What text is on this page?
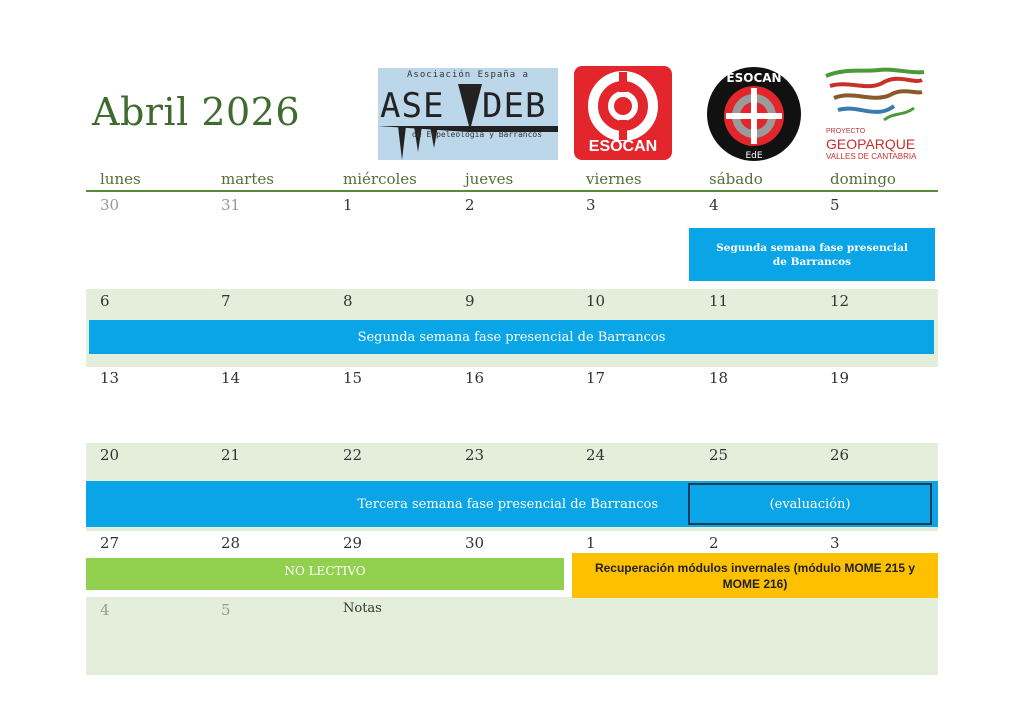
Abril 2026
Asociación España a
ASE DEB
de Espeleología y Barrancos
ESOCAN
ESOCAN
EdE
PROYECTO
GEOPARQUE
VALLES DE CANTABRIA
lunes	martes	miércoles	jueves	viernes	sábado	domingo
30	31	1	2	3	4	5
Segunda semana fase presencial de Barrancos
6	7	8	9	10	11	12
Segunda semana fase presencial de Barrancos
13	14	15	16	17	18	19
20	21	22	23	24	25	26
Tercera semana fase presencial de Barrancos	(evaluación)
27	28	29	30	1	2	3
NO LECTIVO	Recuperación módulos invernales (módulo MOME 215 y MOME 216)
4	5	Notas
